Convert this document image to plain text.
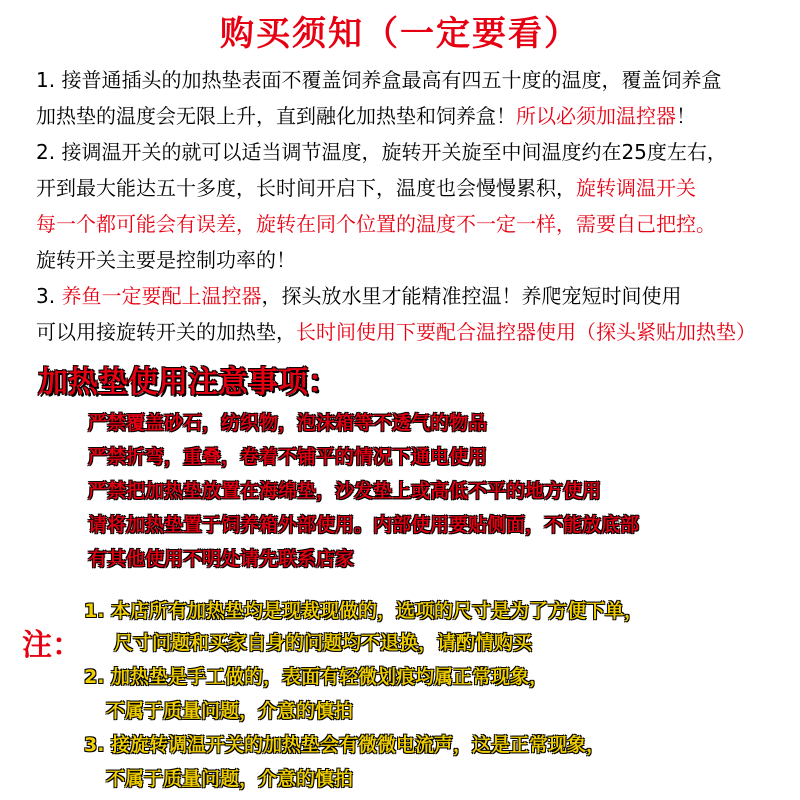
购买须知（一定要看）
1. 接普通插头的加热垫表面不覆盖饲养盒最高有四五十度的温度，覆盖饲养盒
加热垫的温度会无限上升，直到融化加热垫和饲养盒！所以必须加温控器！
2. 接调温开关的就可以适当调节温度，旋转开关旋至中间温度约在25度左右，
开到最大能达五十多度，长时间开启下，温度也会慢慢累积，旋转调温开关
每一个都可能会有误差，旋转在同个位置的温度不一定一样，需要自己把控。
旋转开关主要是控制功率的！
3. 养鱼一定要配上温控器，探头放水里才能精准控温！养爬宠短时间使用
可以用接旋转开关的加热垫，长时间使用下要配合温控器使用（探头紧贴加热垫）
加热垫使用注意事项：
严禁覆盖砂石，纺织物，泡沫箱等不透气的物品
严禁折弯，重叠，卷着不铺平的情况下通电使用
严禁把加热垫放置在海绵垫，沙发垫上或高低不平的地方使用
请将加热垫置于饲养箱外部使用。内部使用要贴侧面，不能放底部
有其他使用不明处请先联系店家
注：
1. 本店所有加热垫均是现裁现做的，选项的尺寸是为了方便下单，
尺寸问题和买家自身的问题均不退换，请酌情购买
2. 加热垫是手工做的，表面有轻微划痕均属正常现象，
不属于质量问题，介意的慎拍
3. 接旋转调温开关的加热垫会有微微电流声，这是正常现象，
不属于质量问题，介意的慎拍
